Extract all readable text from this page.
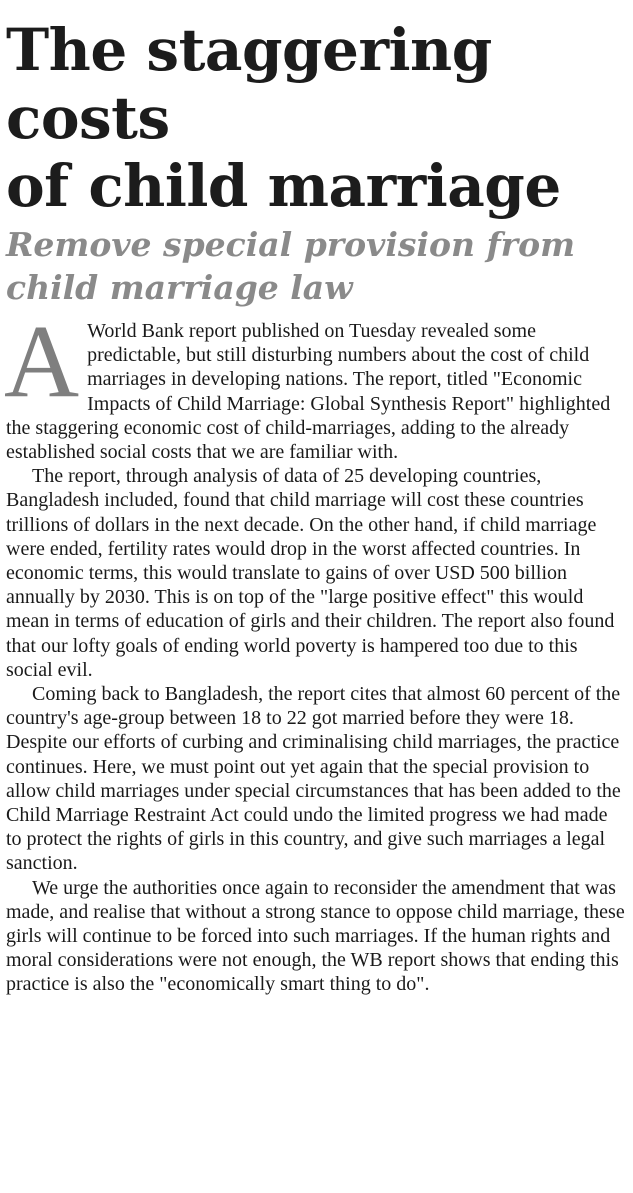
The staggering costs
of child marriage
Remove special provision from
child marriage law

A World Bank report published on Tuesday revealed some predictable, but still disturbing numbers about the cost of child marriages in developing nations. The report, titled "Economic Impacts of Child Marriage: Global Synthesis Report" highlighted the staggering economic cost of child-marriages, adding to the already established social costs that we are familiar with.

The report, through analysis of data of 25 developing countries, Bangladesh included, found that child marriage will cost these countries trillions of dollars in the next decade. On the other hand, if child marriage were ended, fertility rates would drop in the worst affected countries. In economic terms, this would translate to gains of over USD 500 billion annually by 2030. This is on top of the "large positive effect" this would mean in terms of education of girls and their children. The report also found that our lofty goals of ending world poverty is hampered too due to this social evil.

Coming back to Bangladesh, the report cites that almost 60 percent of the country's age-group between 18 to 22 got married before they were 18. Despite our efforts of curbing and criminalising child marriages, the practice continues. Here, we must point out yet again that the special provision to allow child marriages under special circumstances that has been added to the Child Marriage Restraint Act could undo the limited progress we had made to protect the rights of girls in this country, and give such marriages a legal sanction.

We urge the authorities once again to reconsider the amendment that was made, and realise that without a strong stance to oppose child marriage, these girls will continue to be forced into such marriages. If the human rights and moral considerations were not enough, the WB report shows that ending this practice is also the "economically smart thing to do".
